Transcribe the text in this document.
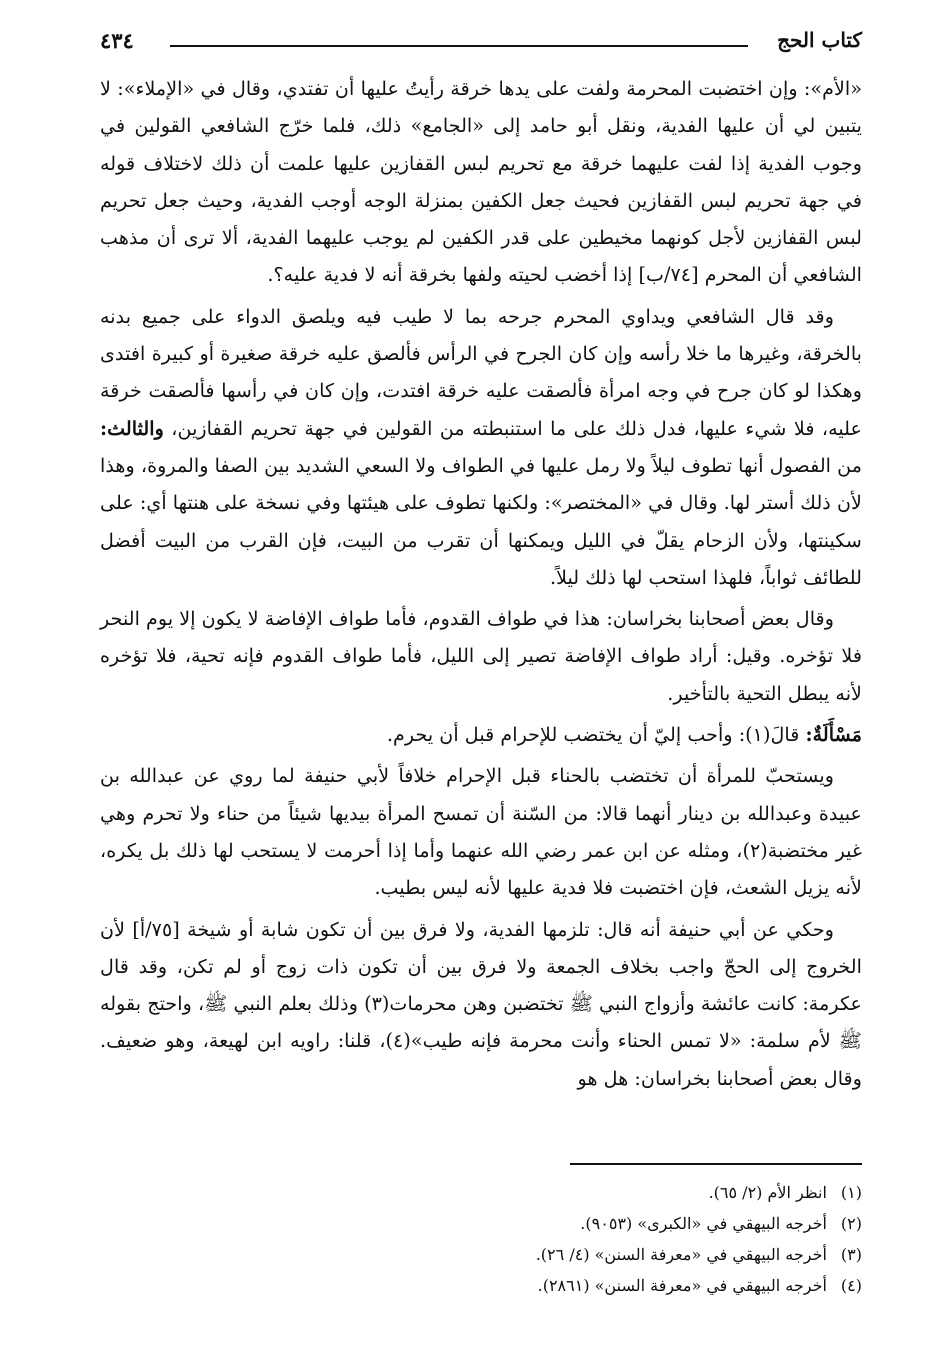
كتاب الحج
٤٣٤

«الأم»: وإن اختضبت المحرمة ولفت على يدها خرقة رأيتُ عليها أن تفتدي، وقال في «الإملاء»: لا يتبين لي أن عليها الفدية، ونقل أبو حامد إلى «الجامع» ذلك، فلما خرّج الشافعي القولين في وجوب الفدية إذا لفت عليهما خرقة مع تحريم لبس القفازين عليها علمت أن ذلك لاختلاف قوله في جهة تحريم لبس القفازين فحيث جعل الكفين بمنزلة الوجه أوجب الفدية، وحيث جعل تحريم لبس القفازين لأجل كونهما مخيطين على قدر الكفين لم يوجب عليهما الفدية، ألا ترى أن مذهب الشافعي أن المحرم [٧٤/ب] إذا أخضب لحيته ولفها بخرقة أنه لا فدية عليه؟.

وقد قال الشافعي ويداوي المحرم جرحه بما لا طيب فيه ويلصق الدواء على جميع بدنه بالخرقة، وغيرها ما خلا رأسه وإن كان الجرح في الرأس فألصق عليه خرقة صغيرة أو كبيرة افتدى وهكذا لو كان جرح في وجه امرأة فألصقت عليه خرقة افتدت، وإن كان في رأسها فألصقت خرقة عليه، فلا شيء عليها، فدل ذلك على ما استنبطته من القولين في جهة تحريم القفازين، والثالث: من الفصول أنها تطوف ليلاً ولا رمل عليها في الطواف ولا السعي الشديد بين الصفا والمروة، وهذا لأن ذلك أستر لها. وقال في «المختصر»: ولكنها تطوف على هيئتها وفي نسخة على هنتها أي: على سكينتها، ولأن الزحام يقلّ في الليل ويمكنها أن تقرب من البيت، فإن القرب من البيت أفضل للطائف ثواباً، فلهذا استحب لها ذلك ليلاً.

وقال بعض أصحابنا بخراسان: هذا في طواف القدوم، فأما طواف الإفاضة لا يكون إلا يوم النحر فلا تؤخره. وقيل: أراد طواف الإفاضة تصير إلى الليل، فأما طواف القدوم فإنه تحية، فلا تؤخره لأنه يبطل التحية بالتأخير.

مَسْأَلَةٌ: قالَ(١): وأحب إليّ أن يختضب للإحرام قبل أن يحرم.

ويستحبّ للمرأة أن تختضب بالحناء قبل الإحرام خلافاً لأبي حنيفة لما روي عن عبدالله بن عبيدة وعبدالله بن دينار أنهما قالا: من السّنة أن تمسح المرأة بيديها شيئاً من حناء ولا تحرم وهي غير مختضبة(٢)، ومثله عن ابن عمر رضي الله عنهما وأما إذا أحرمت لا يستحب لها ذلك بل يكره، لأنه يزيل الشعث، فإن اختضبت فلا فدية عليها لأنه ليس بطيب.

وحكي عن أبي حنيفة أنه قال: تلزمها الفدية، ولا فرق بين أن تكون شابة أو شيخة [٧٥/أ] لأن الخروج إلى الحجّ واجب بخلاف الجمعة ولا فرق بين أن تكون ذات زوج أو لم تكن، وقد قال عكرمة: كانت عائشة وأزواج النبي ﷺ تختضبن وهن محرمات(٣) وذلك بعلم النبي ﷺ، واحتج بقوله ﷺ لأم سلمة: «لا تمس الحناء وأنت محرمة فإنه طيب»(٤)، قلنا: راويه ابن لهيعة، وهو ضعيف. وقال بعض أصحابنا بخراسان: هل هو

(١)انظر الأم (٢/ ٦٥).
(٢)أخرجه البيهقي في «الكبرى» (٩٠٥٣).
(٣)أخرجه البيهقي في «معرفة السنن» (٤/ ٢٦).
(٤)أخرجه البيهقي في «معرفة السنن» (٢٨٦١).
